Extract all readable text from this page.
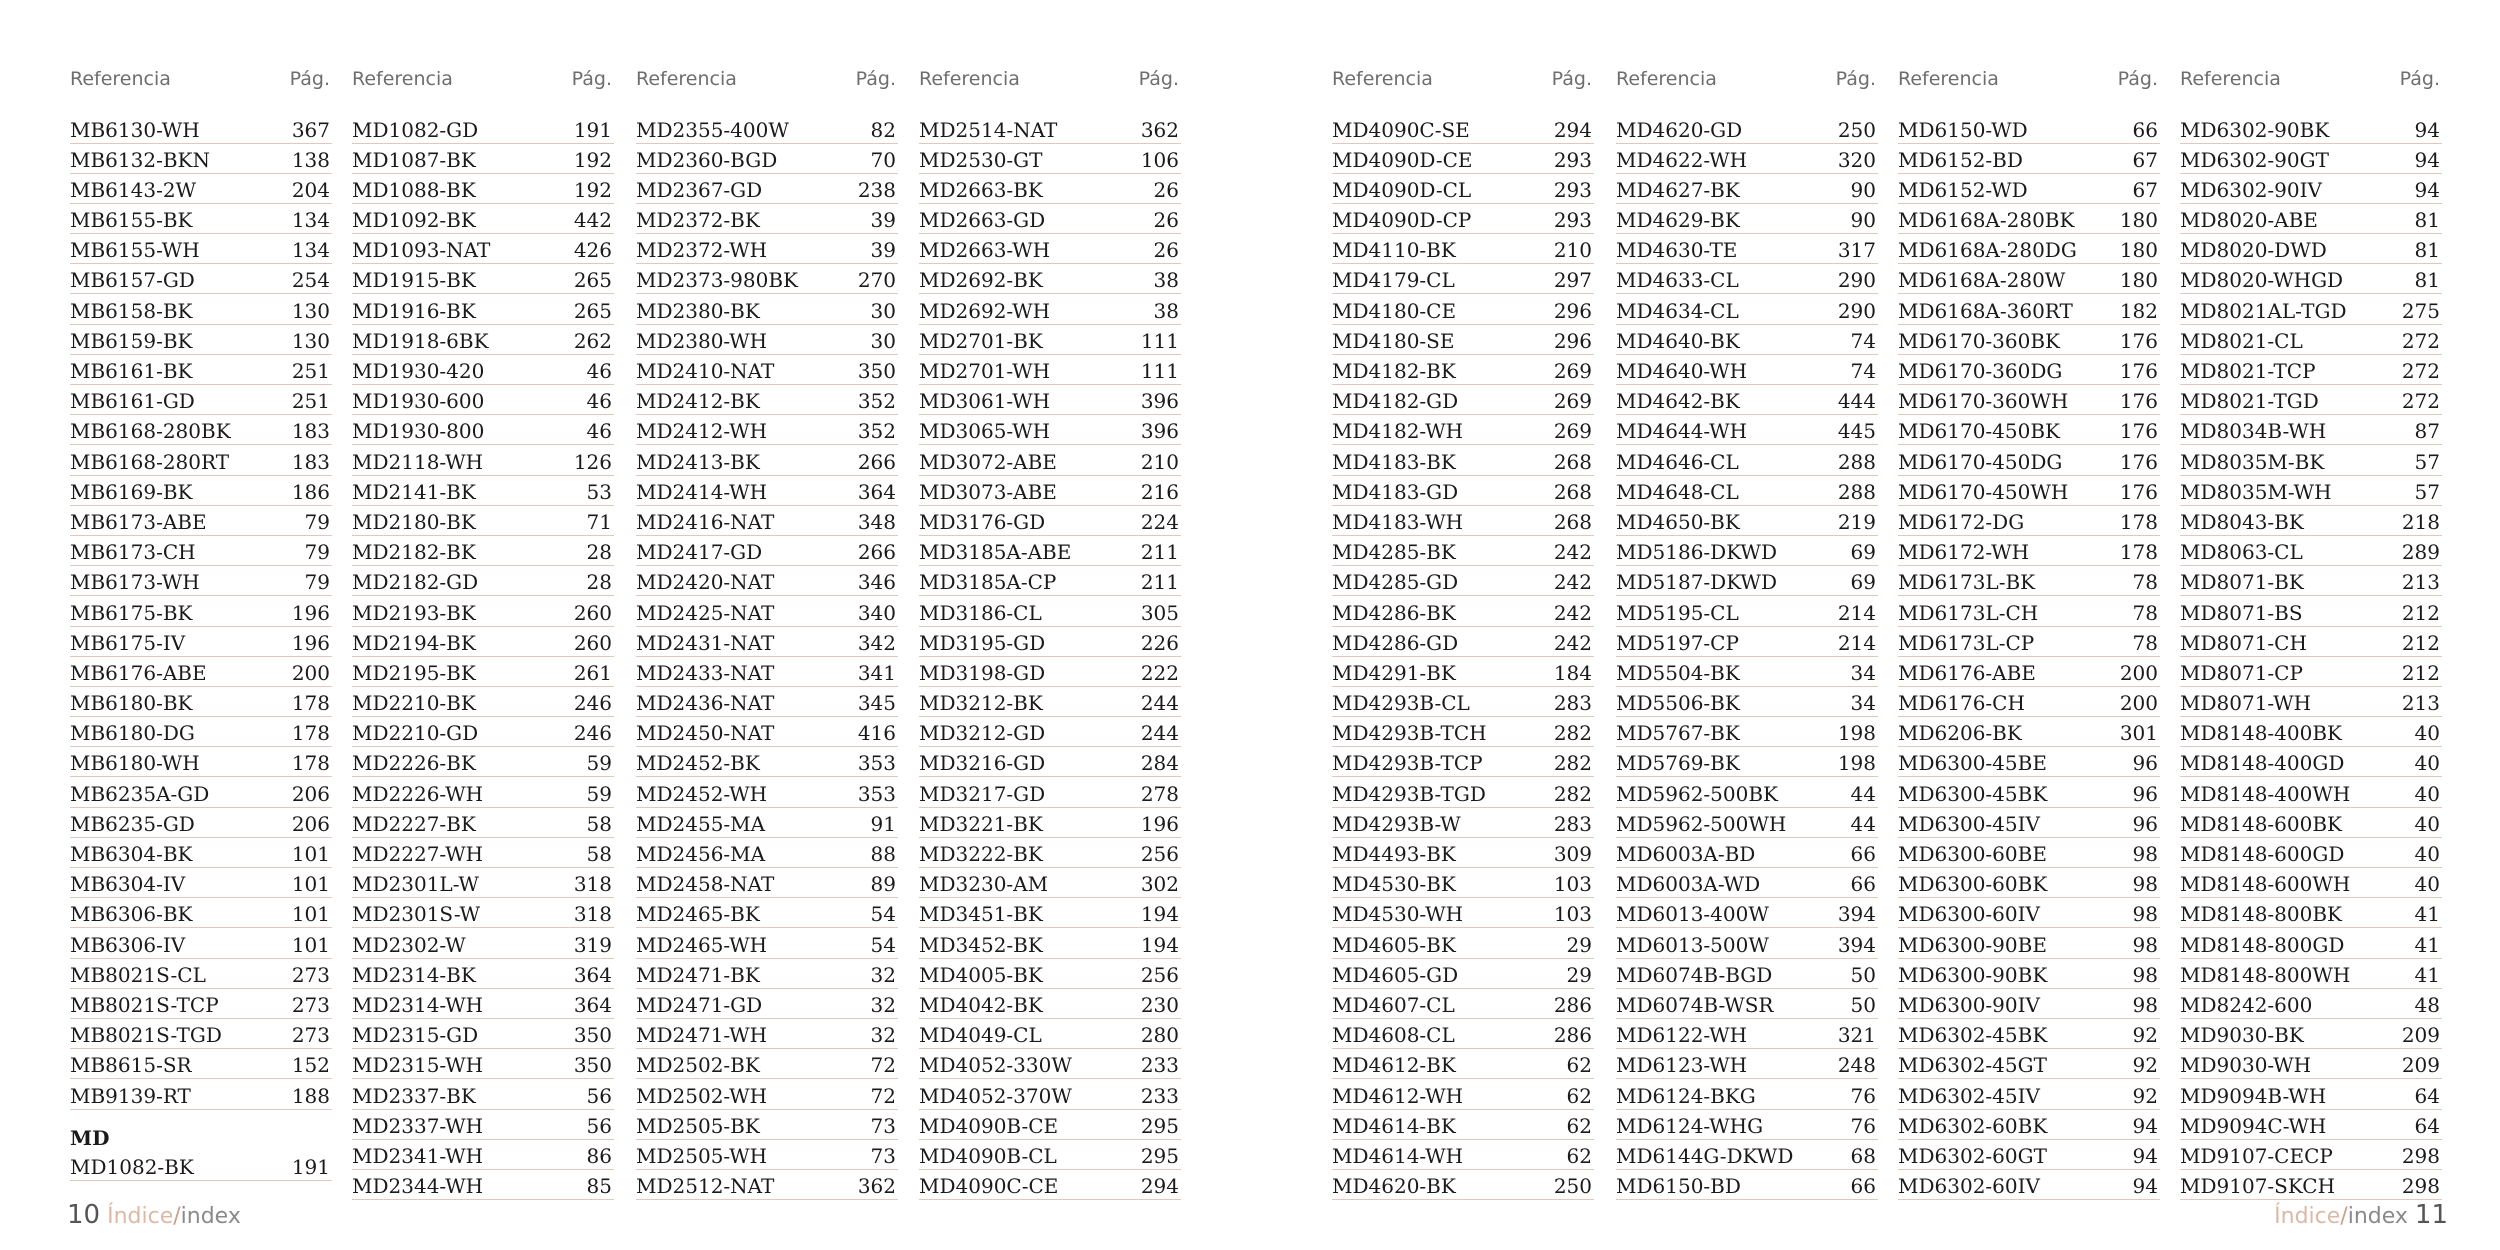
Referencia	Pág.
MB6130-WH	367
MB6132-BKN	138
MB6143-2W	204
MB6155-BK	134
MB6155-WH	134
MB6157-GD	254
MB6158-BK	130
MB6159-BK	130
MB6161-BK	251
MB6161-GD	251
MB6168-280BK	183
MB6168-280RT	183
MB6169-BK	186
MB6173-ABE	79
MB6173-CH	79
MB6173-WH	79
MB6175-BK	196
MB6175-IV	196
MB6176-ABE	200
MB6180-BK	178
MB6180-DG	178
MB6180-WH	178
MB6235A-GD	206
MB6235-GD	206
MB6304-BK	101
MB6304-IV	101
MB6306-BK	101
MB6306-IV	101
MB8021S-CL	273
MB8021S-TCP	273
MB8021S-TGD	273
MB8615-SR	152
MB9139-RT	188
MD
MD1082-BK	191
Referencia	Pág.
MD1082-GD	191
MD1087-BK	192
MD1088-BK	192
MD1092-BK	442
MD1093-NAT	426
MD1915-BK	265
MD1916-BK	265
MD1918-6BK	262
MD1930-420	46
MD1930-600	46
MD1930-800	46
MD2118-WH	126
MD2141-BK	53
MD2180-BK	71
MD2182-BK	28
MD2182-GD	28
MD2193-BK	260
MD2194-BK	260
MD2195-BK	261
MD2210-BK	246
MD2210-GD	246
MD2226-BK	59
MD2226-WH	59
MD2227-BK	58
MD2227-WH	58
MD2301L-W	318
MD2301S-W	318
MD2302-W	319
MD2314-BK	364
MD2314-WH	364
MD2315-GD	350
MD2315-WH	350
MD2337-BK	56
MD2337-WH	56
MD2341-WH	86
MD2344-WH	85
Referencia	Pág.
MD2355-400W	82
MD2360-BGD	70
MD2367-GD	238
MD2372-BK	39
MD2372-WH	39
MD2373-980BK	270
MD2380-BK	30
MD2380-WH	30
MD2410-NAT	350
MD2412-BK	352
MD2412-WH	352
MD2413-BK	266
MD2414-WH	364
MD2416-NAT	348
MD2417-GD	266
MD2420-NAT	346
MD2425-NAT	340
MD2431-NAT	342
MD2433-NAT	341
MD2436-NAT	345
MD2450-NAT	416
MD2452-BK	353
MD2452-WH	353
MD2455-MA	91
MD2456-MA	88
MD2458-NAT	89
MD2465-BK	54
MD2465-WH	54
MD2471-BK	32
MD2471-GD	32
MD2471-WH	32
MD2502-BK	72
MD2502-WH	72
MD2505-BK	73
MD2505-WH	73
MD2512-NAT	362
Referencia	Pág.
MD2514-NAT	362
MD2530-GT	106
MD2663-BK	26
MD2663-GD	26
MD2663-WH	26
MD2692-BK	38
MD2692-WH	38
MD2701-BK	111
MD2701-WH	111
MD3061-WH	396
MD3065-WH	396
MD3072-ABE	210
MD3073-ABE	216
MD3176-GD	224
MD3185A-ABE	211
MD3185A-CP	211
MD3186-CL	305
MD3195-GD	226
MD3198-GD	222
MD3212-BK	244
MD3212-GD	244
MD3216-GD	284
MD3217-GD	278
MD3221-BK	196
MD3222-BK	256
MD3230-AM	302
MD3451-BK	194
MD3452-BK	194
MD4005-BK	256
MD4042-BK	230
MD4049-CL	280
MD4052-330W	233
MD4052-370W	233
MD4090B-CE	295
MD4090B-CL	295
MD4090C-CE	294
Referencia	Pág.
MD4090C-SE	294
MD4090D-CE	293
MD4090D-CL	293
MD4090D-CP	293
MD4110-BK	210
MD4179-CL	297
MD4180-CE	296
MD4180-SE	296
MD4182-BK	269
MD4182-GD	269
MD4182-WH	269
MD4183-BK	268
MD4183-GD	268
MD4183-WH	268
MD4285-BK	242
MD4285-GD	242
MD4286-BK	242
MD4286-GD	242
MD4291-BK	184
MD4293B-CL	283
MD4293B-TCH	282
MD4293B-TCP	282
MD4293B-TGD	282
MD4293B-W	283
MD4493-BK	309
MD4530-BK	103
MD4530-WH	103
MD4605-BK	29
MD4605-GD	29
MD4607-CL	286
MD4608-CL	286
MD4612-BK	62
MD4612-WH	62
MD4614-BK	62
MD4614-WH	62
MD4620-BK	250
Referencia	Pág.
MD4620-GD	250
MD4622-WH	320
MD4627-BK	90
MD4629-BK	90
MD4630-TE	317
MD4633-CL	290
MD4634-CL	290
MD4640-BK	74
MD4640-WH	74
MD4642-BK	444
MD4644-WH	445
MD4646-CL	288
MD4648-CL	288
MD4650-BK	219
MD5186-DKWD	69
MD5187-DKWD	69
MD5195-CL	214
MD5197-CP	214
MD5504-BK	34
MD5506-BK	34
MD5767-BK	198
MD5769-BK	198
MD5962-500BK	44
MD5962-500WH	44
MD6003A-BD	66
MD6003A-WD	66
MD6013-400W	394
MD6013-500W	394
MD6074B-BGD	50
MD6074B-WSR	50
MD6122-WH	321
MD6123-WH	248
MD6124-BKG	76
MD6124-WHG	76
MD6144G-DKWD	68
MD6150-BD	66
Referencia	Pág.
MD6150-WD	66
MD6152-BD	67
MD6152-WD	67
MD6168A-280BK 180
MD6168A-280DG 180
MD6168A-280W	180
MD6168A-360RT 182
MD6170-360BK	176
MD6170-360DG	176
MD6170-360WH	176
MD6170-450BK	176
MD6170-450DG	176
MD6170-450WH	176
MD6172-DG	178
MD6172-WH	178
MD6173L-BK	78
MD6173L-CH	78
MD6173L-CP	78
MD6176-ABE	200
MD6176-CH	200
MD6206-BK	301
MD6300-45BE	96
MD6300-45BK	96
MD6300-45IV	96
MD6300-60BE	98
MD6300-60BK	98
MD6300-60IV	98
MD6300-90BE	98
MD6300-90BK	98
MD6300-90IV	98
MD6302-45BK	92
MD6302-45GT	92
MD6302-45IV	92
MD6302-60BK	94
MD6302-60GT	94
MD6302-60IV	94
Referencia	Pág.
MD6302-90BK	94
MD6302-90GT	94
MD6302-90IV	94
MD8020-ABE	81
MD8020-DWD	81
MD8020-WHGD	81
MD8021AL-TGD	275
MD8021-CL	272
MD8021-TCP	272
MD8021-TGD	272
MD8034B-WH	87
MD8035M-BK	57
MD8035M-WH	57
MD8043-BK	218
MD8063-CL	289
MD8071-BK	213
MD8071-BS	212
MD8071-CH	212
MD8071-CP	212
MD8071-WH	213
MD8148-400BK	40
MD8148-400GD	40
MD8148-400WH	40
MD8148-600BK	40
MD8148-600GD	40
MD8148-600WH	40
MD8148-800BK	41
MD8148-800GD	41
MD8148-800WH	41
MD8242-600	48
MD9030-BK	209
MD9030-WH	209
MD9094B-WH	64
MD9094C-WH	64
MD9107-CECP	298
MD9107-SKCH	298
10 Índice/index	Índice/index 11
